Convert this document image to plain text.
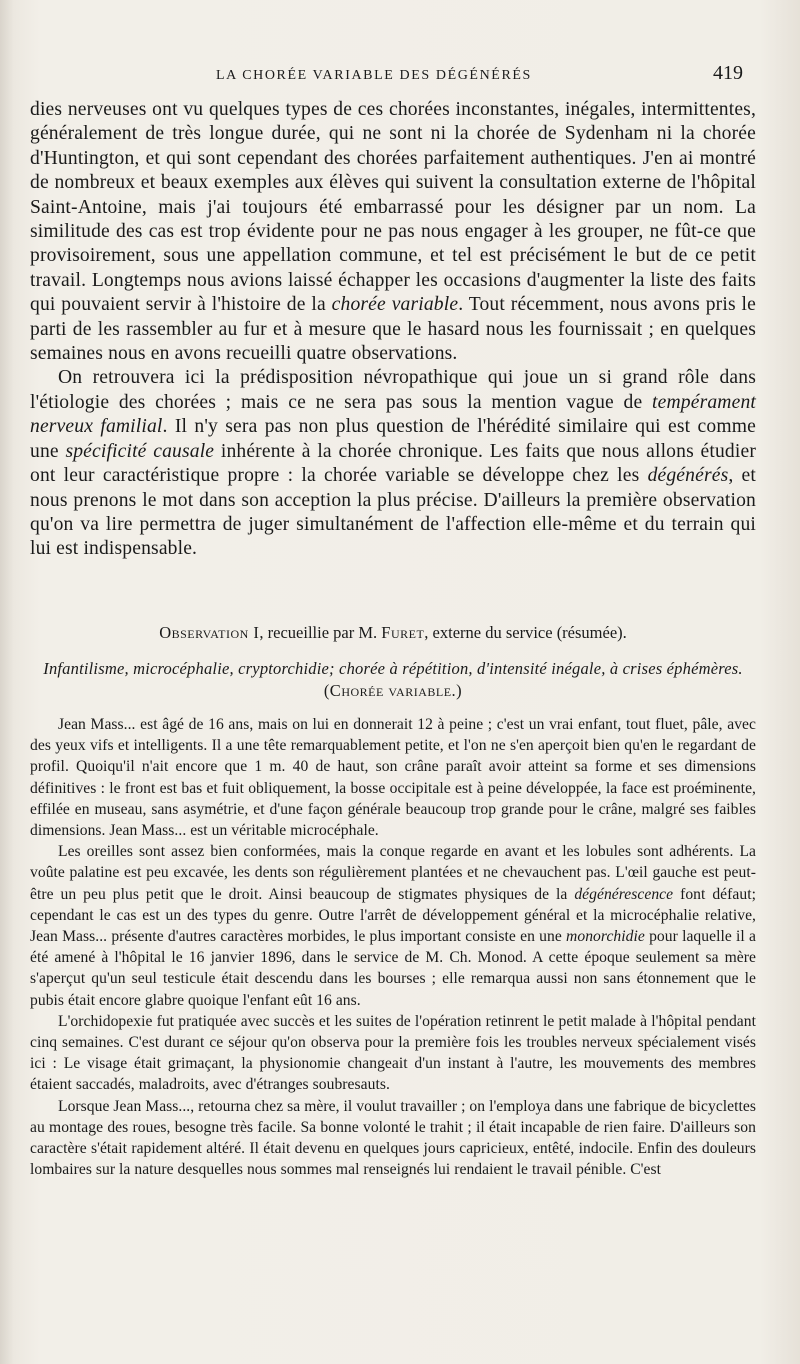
LA CHORÉE VARIABLE DES DÉGÉNÉRÉS	419

dies nerveuses ont vu quelques types de ces chorées inconstantes, inégales, intermittentes, généralement de très longue durée, qui ne sont ni la chorée de Sydenham ni la chorée d'Huntington, et qui sont cependant des chorées parfaitement authentiques. J'en ai montré de nombreux et beaux exemples aux élèves qui suivent la consultation externe de l'hôpital Saint-Antoine, mais j'ai toujours été embarrassé pour les désigner par un nom. La similitude des cas est trop évidente pour ne pas nous engager à les grouper, ne fût-ce que provisoirement, sous une appellation commune, et tel est précisément le but de ce petit travail. Longtemps nous avions laissé échapper les occasions d'augmenter la liste des faits qui pouvaient servir à l'histoire de la chorée variable. Tout récemment, nous avons pris le parti de les rassembler au fur et à mesure que le hasard nous les fournissait ; en quelques semaines nous en avons recueilli quatre observations.

On retrouvera ici la prédisposition névropathique qui joue un si grand rôle dans l'étiologie des chorées ; mais ce ne sera pas sous la mention vague de tempérament nerveux familial. Il n'y sera pas non plus question de l'hérédité similaire qui est comme une spécificité causale inhérente à la chorée chronique. Les faits que nous allons étudier ont leur caractéristique propre : la chorée variable se développe chez les dégénérés, et nous prenons le mot dans son acception la plus précise. D'ailleurs la première observation qu'on va lire permettra de juger simultanément de l'affection elle-même et du terrain qui lui est indispensable.

Observation I, recueillie par M. Furet, externe du service (résumée).
Infantilisme, microcéphalie, cryptorchidie; chorée à répétition, d'intensité inégale, à crises éphémères. (Chorée variable.)

Jean Mass... est âgé de 16 ans, mais on lui en donnerait 12 à peine ; c'est un vrai enfant, tout fluet, pâle, avec des yeux vifs et intelligents. Il a une tête remarquablement petite, et l'on ne s'en aperçoit bien qu'en le regardant de profil. Quoiqu'il n'ait encore que 1 m. 40 de haut, son crâne paraît avoir atteint sa forme et ses dimensions définitives : le front est bas et fuit obliquement, la bosse occipitale est à peine développée, la face est proéminente, effilée en museau, sans asymétrie, et d'une façon générale beaucoup trop grande pour le crâne, malgré ses faibles dimensions. Jean Mass... est un véritable microcéphale.

Les oreilles sont assez bien conformées, mais la conque regarde en avant et les lobules sont adhérents. La voûte palatine est peu excavée, les dents son régulièrement plantées et ne chevauchent pas. L'œil gauche est peut-être un peu plus petit que le droit. Ainsi beaucoup de stigmates physiques de la dégénérescence font défaut; cependant le cas est un des types du genre. Outre l'arrêt de développement général et la microcéphalie relative, Jean Mass... présente d'autres caractères morbides, le plus important consiste en une monorchidie pour laquelle il a été amené à l'hôpital le 16 janvier 1896, dans le service de M. Ch. Monod. A cette époque seulement sa mère s'aperçut qu'un seul testicule était descendu dans les bourses ; elle remarqua aussi non sans étonnement que le pubis était encore glabre quoique l'enfant eût 16 ans.

L'orchidopexie fut pratiquée avec succès et les suites de l'opération retinrent le petit malade à l'hôpital pendant cinq semaines. C'est durant ce séjour qu'on observa pour la première fois les troubles nerveux spécialement visés ici : Le visage était grimaçant, la physionomie changeait d'un instant à l'autre, les mouvements des membres étaient saccadés, maladroits, avec d'étranges soubresauts.

Lorsque Jean Mass..., retourna chez sa mère, il voulut travailler ; on l'employa dans une fabrique de bicyclettes au montage des roues, besogne très facile. Sa bonne volonté le trahit ; il était incapable de rien faire. D'ailleurs son caractère s'était rapidement altéré. Il était devenu en quelques jours capricieux, entêté, indocile. Enfin des douleurs lombaires sur la nature desquelles nous sommes mal renseignés lui rendaient le travail pénible. C'est
